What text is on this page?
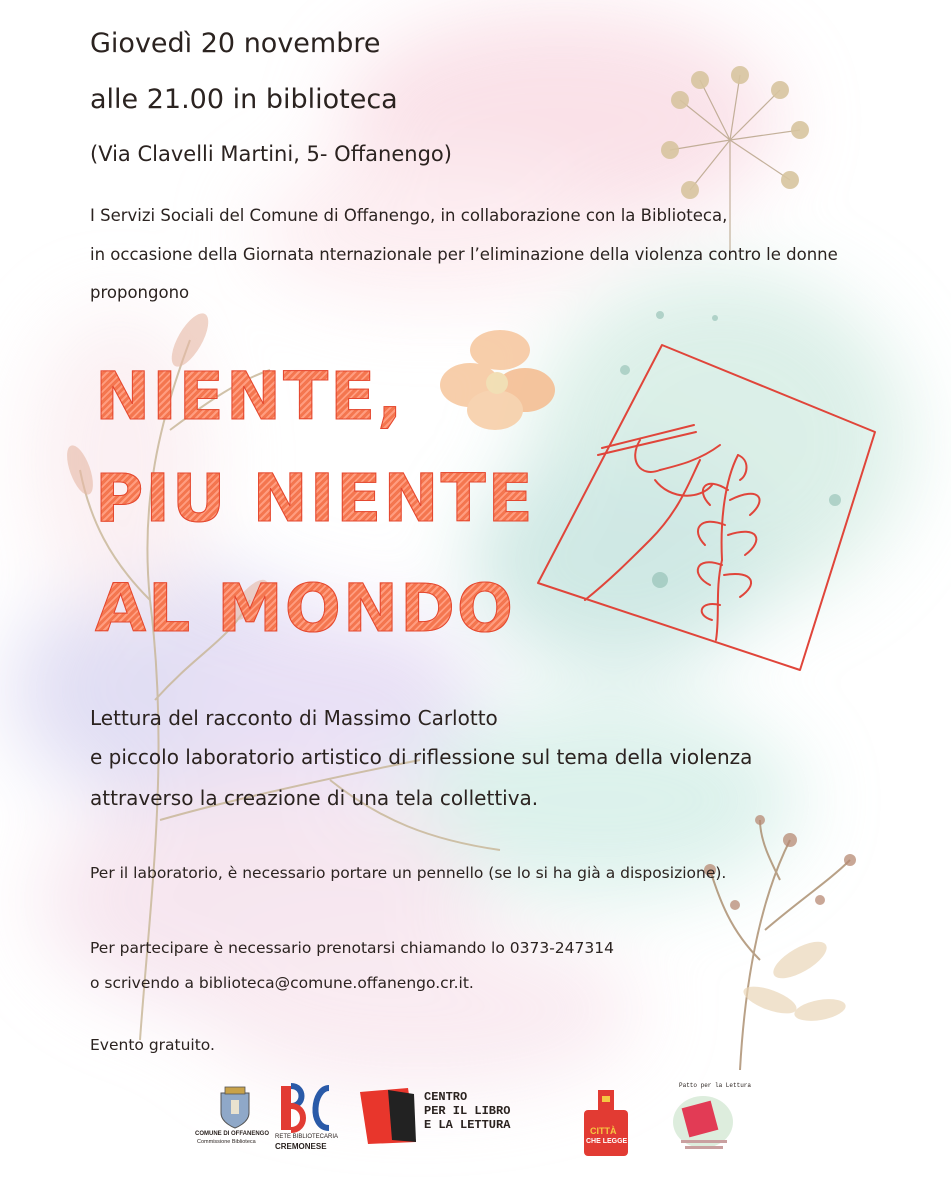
Giovedì 20 novembre

alle 21.00 in biblioteca

(Via Clavelli Martini, 5- Offanengo)

I Servizi Sociali del Comune di Offanengo, in collaborazione con la Biblioteca,

in occasione della Giornata nternazionale per l’eliminazione della violenza contro le donne

propongono

NIENTE,
PIU NIENTE
AL MONDO

Lettura del racconto di Massimo Carlotto

e piccolo laboratorio artistico di riflessione sul tema della violenza

attraverso la creazione di una tela collettiva.

Per il laboratorio, è necessario portare un pennello (se lo si ha già a disposizione).

Per partecipare è necessario prenotarsi chiamando lo 0373-247314

o scrivendo a biblioteca@comune.offanengo.cr.it.

Evento gratuito.

COMUNE DI OFFANENGO

Commissione Biblioteca

RETE BIBLIOTECARIA

CREMONESE

CENTRO

PER IL LIBRO

E LA LETTURA	CITTÀ

CHE LEGGE

Patto per la Lettura
